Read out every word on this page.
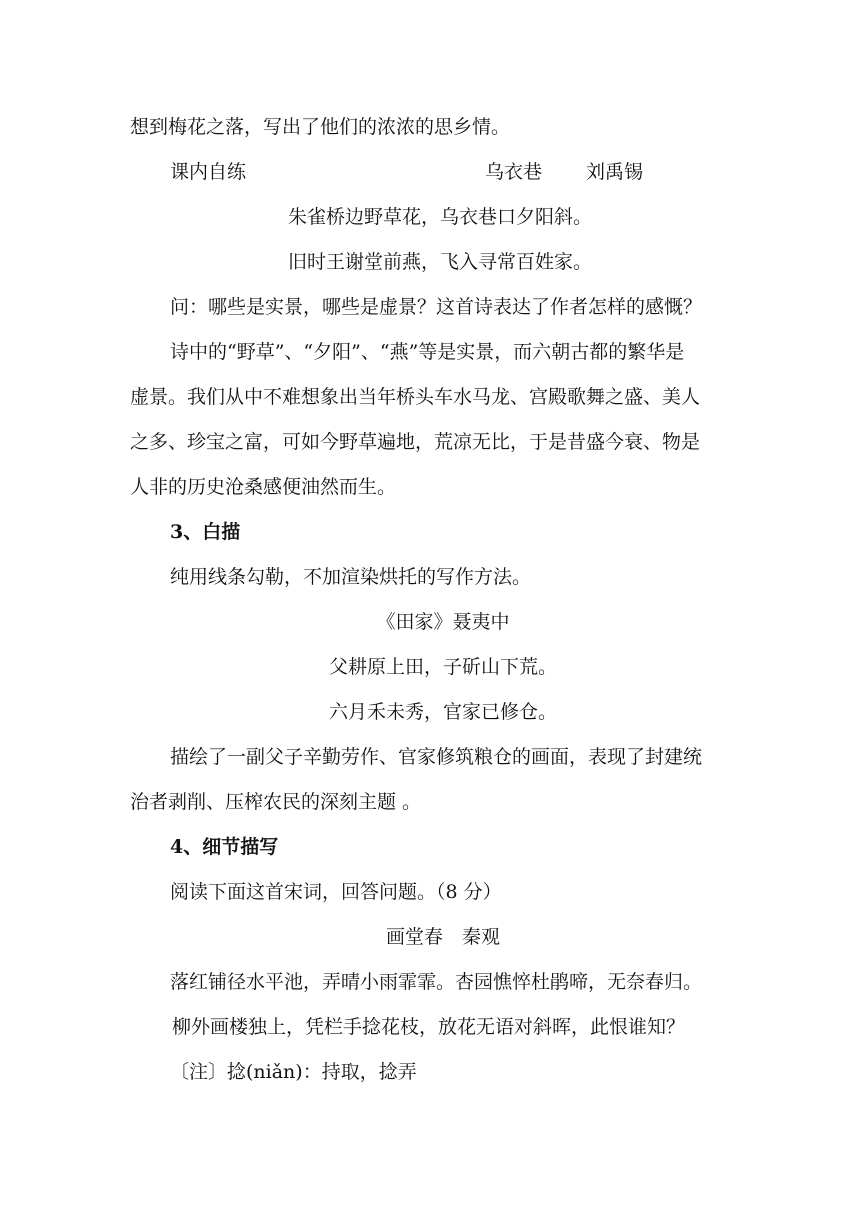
想到梅花之落，写出了他们的浓浓的思乡情。
课内自练	乌衣巷 刘禹锡
朱雀桥边野草花，乌衣巷口夕阳斜。
旧时王谢堂前燕，飞入寻常百姓家。
问：哪些是实景，哪些是虚景？这首诗表达了作者怎样的感慨？
诗中的“野草”、“夕阳”、“燕”等是实景，而六朝古都的繁华是
虚景。我们从中不难想象出当年桥头车水马龙、宫殿歌舞之盛、美人
之多、珍宝之富，可如今野草遍地，荒凉无比，于是昔盛今衰、物是
人非的历史沧桑感便油然而生。
3、白描
纯用线条勾勒，不加渲染烘托的写作方法。
《田家》聂夷中
父耕原上田，子斫山下荒。
六月禾未秀，官家已修仓。
描绘了一副父子辛勤劳作、官家修筑粮仓的画面，表现了封建统
治者剥削、压榨农民的深刻主题 。
4、细节描写
阅读下面这首宋词，回答问题。（8 分）
画堂春　秦观
落红铺径水平池，弄晴小雨霏霏。杏园憔悴杜鹃啼，无奈春归。
柳外画楼独上，凭栏手捻花枝，放花无语对斜晖，此恨谁知？
〔注〕捻(niǎn)：持取，捻弄
